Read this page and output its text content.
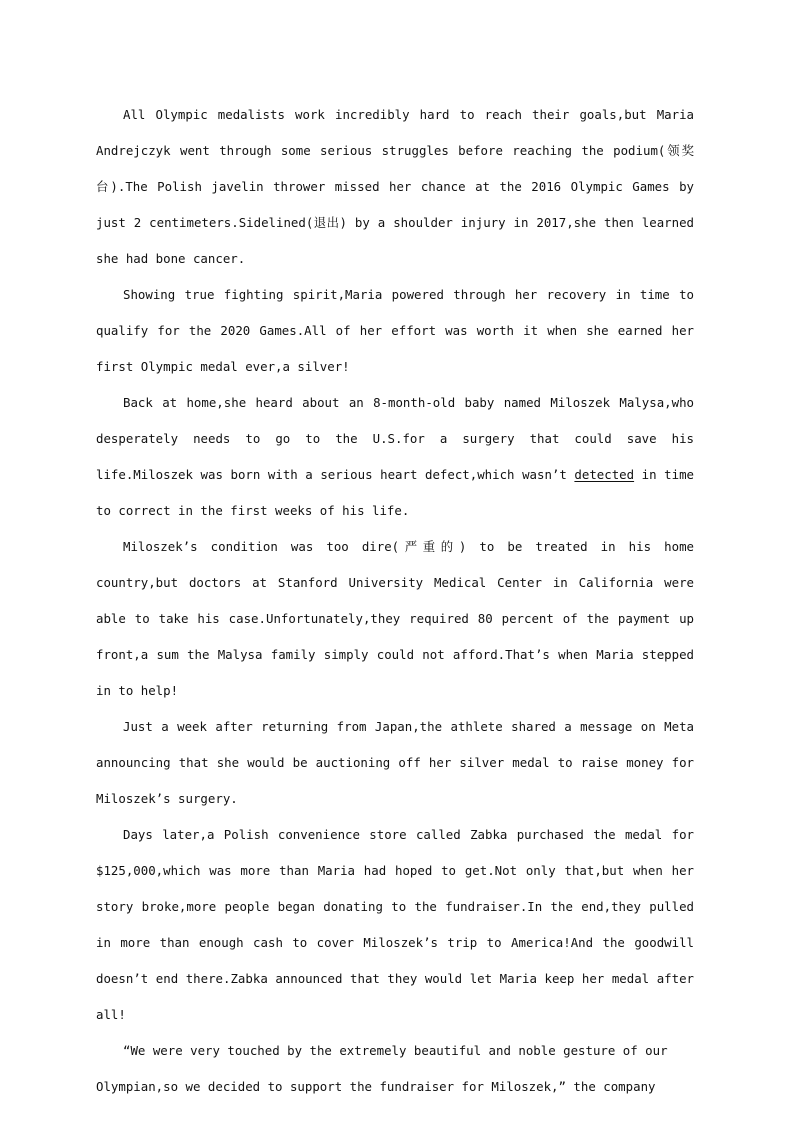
All Olympic medalists work incredibly hard to reach their goals,but Maria Andrejczyk went through some serious struggles before reaching the podium(领奖台).The Polish javelin thrower missed her chance at the 2016 Olympic Games by just 2 centimeters.Sidelined(退出) by a shoulder injury in 2017,she then learned she had bone cancer.

Showing true fighting spirit,Maria powered through her recovery in time to qualify for the 2020 Games.All of her effort was worth it when she earned her first Olympic medal ever,a silver!

Back at home,she heard about an 8-month-old baby named Miloszek Malysa,who desperately needs to go to the U.S.for a surgery that could save his life.Miloszek was born with a serious heart defect,which wasn’t detected in time to correct in the first weeks of his life.

Miloszek’s condition was too dire(严重的) to be treated in his home country,but doctors at Stanford University Medical Center in California were able to take his case.Unfortunately,they required 80 percent of the payment up front,a sum the Malysa family simply could not afford.That’s when Maria stepped in to help!

Just a week after returning from Japan,the athlete shared a message on Meta announcing that she would be auctioning off her silver medal to raise money for Miloszek’s surgery.

Days later,a Polish convenience store called Zabka purchased the medal for $125,000,which was more than Maria had hoped to get.Not only that,but when her story broke,more people began donating to the fundraiser.In the end,they pulled in more than enough cash to cover Miloszek’s trip to America!And the goodwill doesn’t end there.Zabka announced that they would let Maria keep her medal after all!

“We were very touched by the extremely beautiful and noble gesture of our Olympian,so we decided to support the fundraiser for Miloszek,” the company
